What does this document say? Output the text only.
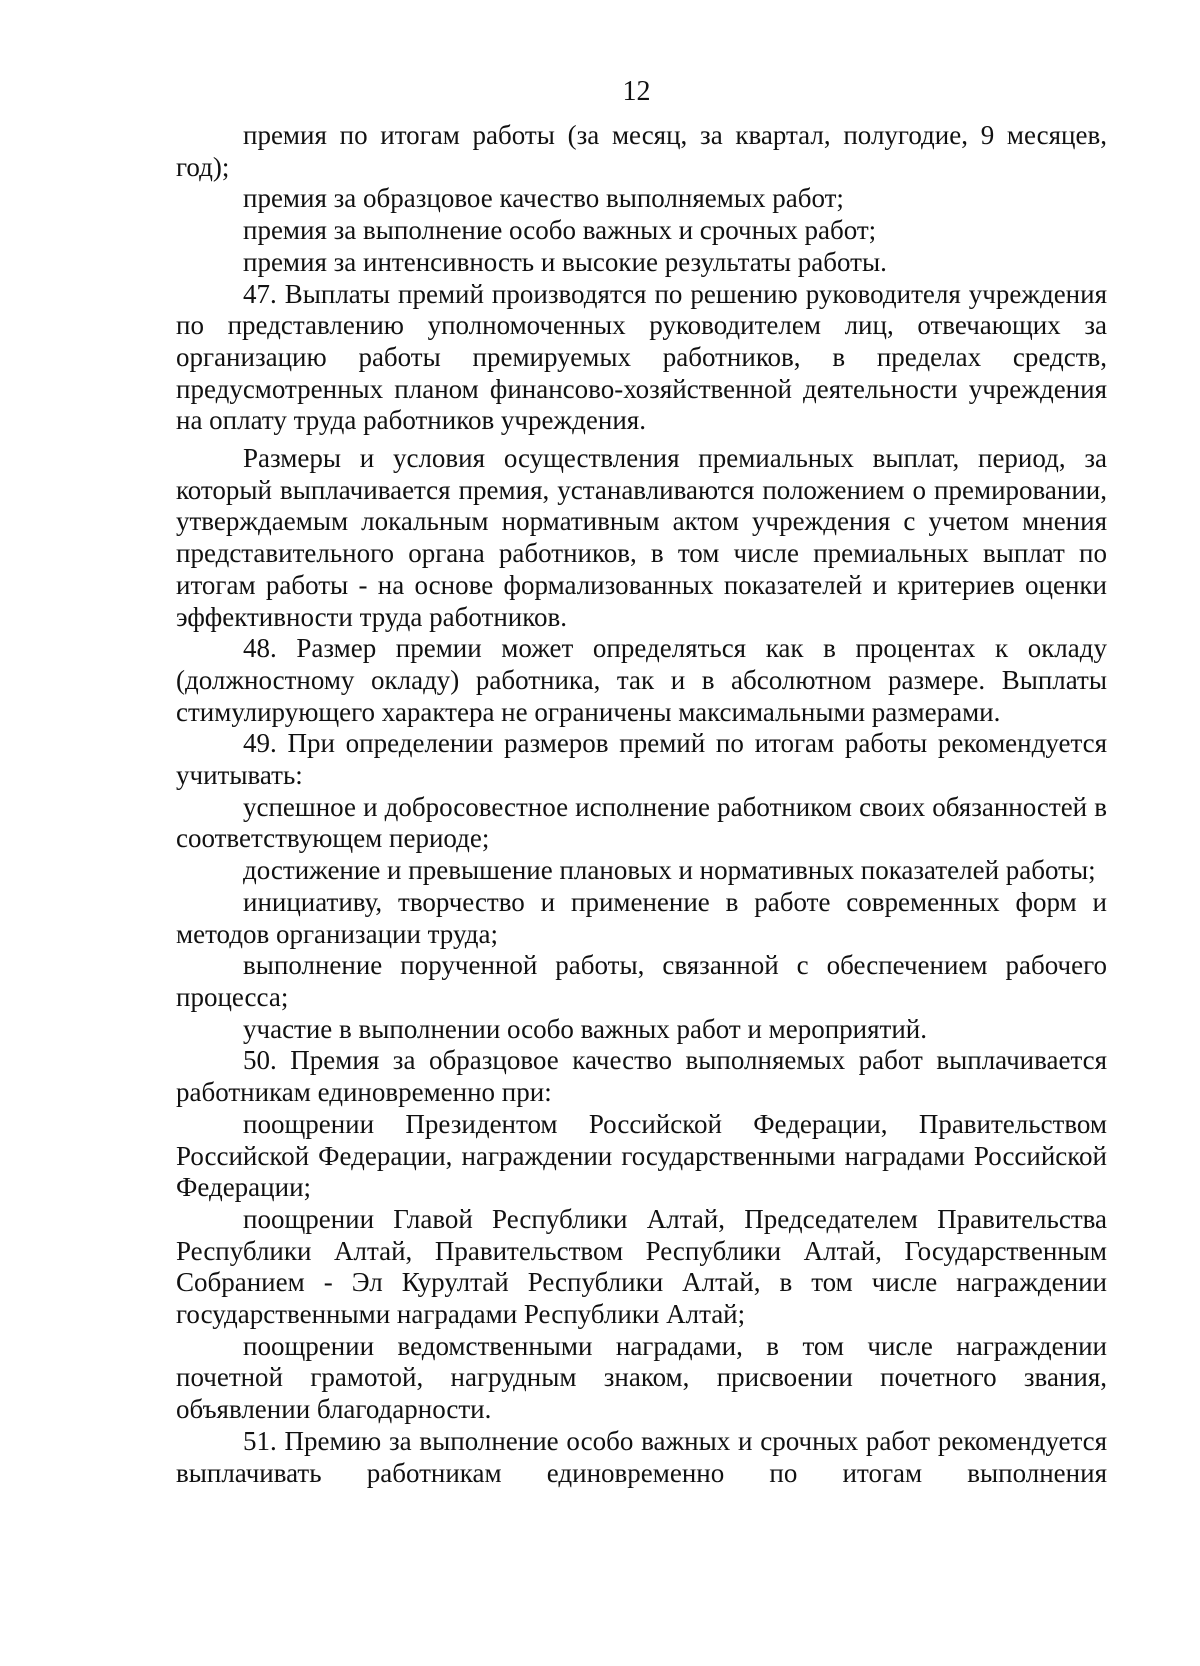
12

премия по итогам работы (за месяц, за квартал, полугодие, 9 месяцев, год);

премия за образцовое качество выполняемых работ;

премия за выполнение особо важных и срочных работ;

премия за интенсивность и высокие результаты работы.

47. Выплаты премий производятся по решению руководителя учреждения по представлению уполномоченных руководителем лиц, отвечающих за организацию работы премируемых работников, в пределах средств, предусмотренных планом финансово-хозяйственной деятельности учреждения на оплату труда работников учреждения.

Размеры и условия осуществления премиальных выплат, период, за который выплачивается премия, устанавливаются положением о премировании, утверждаемым локальным нормативным актом учреждения с учетом мнения представительного органа работников, в том числе премиальных выплат по итогам работы - на основе формализованных показателей и критериев оценки эффективности труда работников.

48. Размер премии может определяться как в процентах к окладу (должностному окладу) работника, так и в абсолютном размере. Выплаты стимулирующего характера не ограничены максимальными размерами.

49. При определении размеров премий по итогам работы рекомендуется учитывать:

успешное и добросовестное исполнение работником своих обязанностей в соответствующем периоде;

достижение и превышение плановых и нормативных показателей работы;

инициативу, творчество и применение в работе современных форм и методов организации труда;

выполнение порученной работы, связанной с обеспечением рабочего процесса;

участие в выполнении особо важных работ и мероприятий.

50. Премия за образцовое качество выполняемых работ выплачивается работникам единовременно при:

поощрении Президентом Российской Федерации, Правительством Российской Федерации, награждении государственными наградами Российской Федерации;

поощрении Главой Республики Алтай, Председателем Правительства Республики Алтай, Правительством Республики Алтай, Государственным Собранием - Эл Курултай Республики Алтай, в том числе награждении государственными наградами Республики Алтай;

поощрении ведомственными наградами, в том числе награждении почетной грамотой, нагрудным знаком, присвоении почетного звания, объявлении благодарности.

51. Премию за выполнение особо важных и срочных работ рекомендуется выплачивать работникам единовременно по итогам выполнения
